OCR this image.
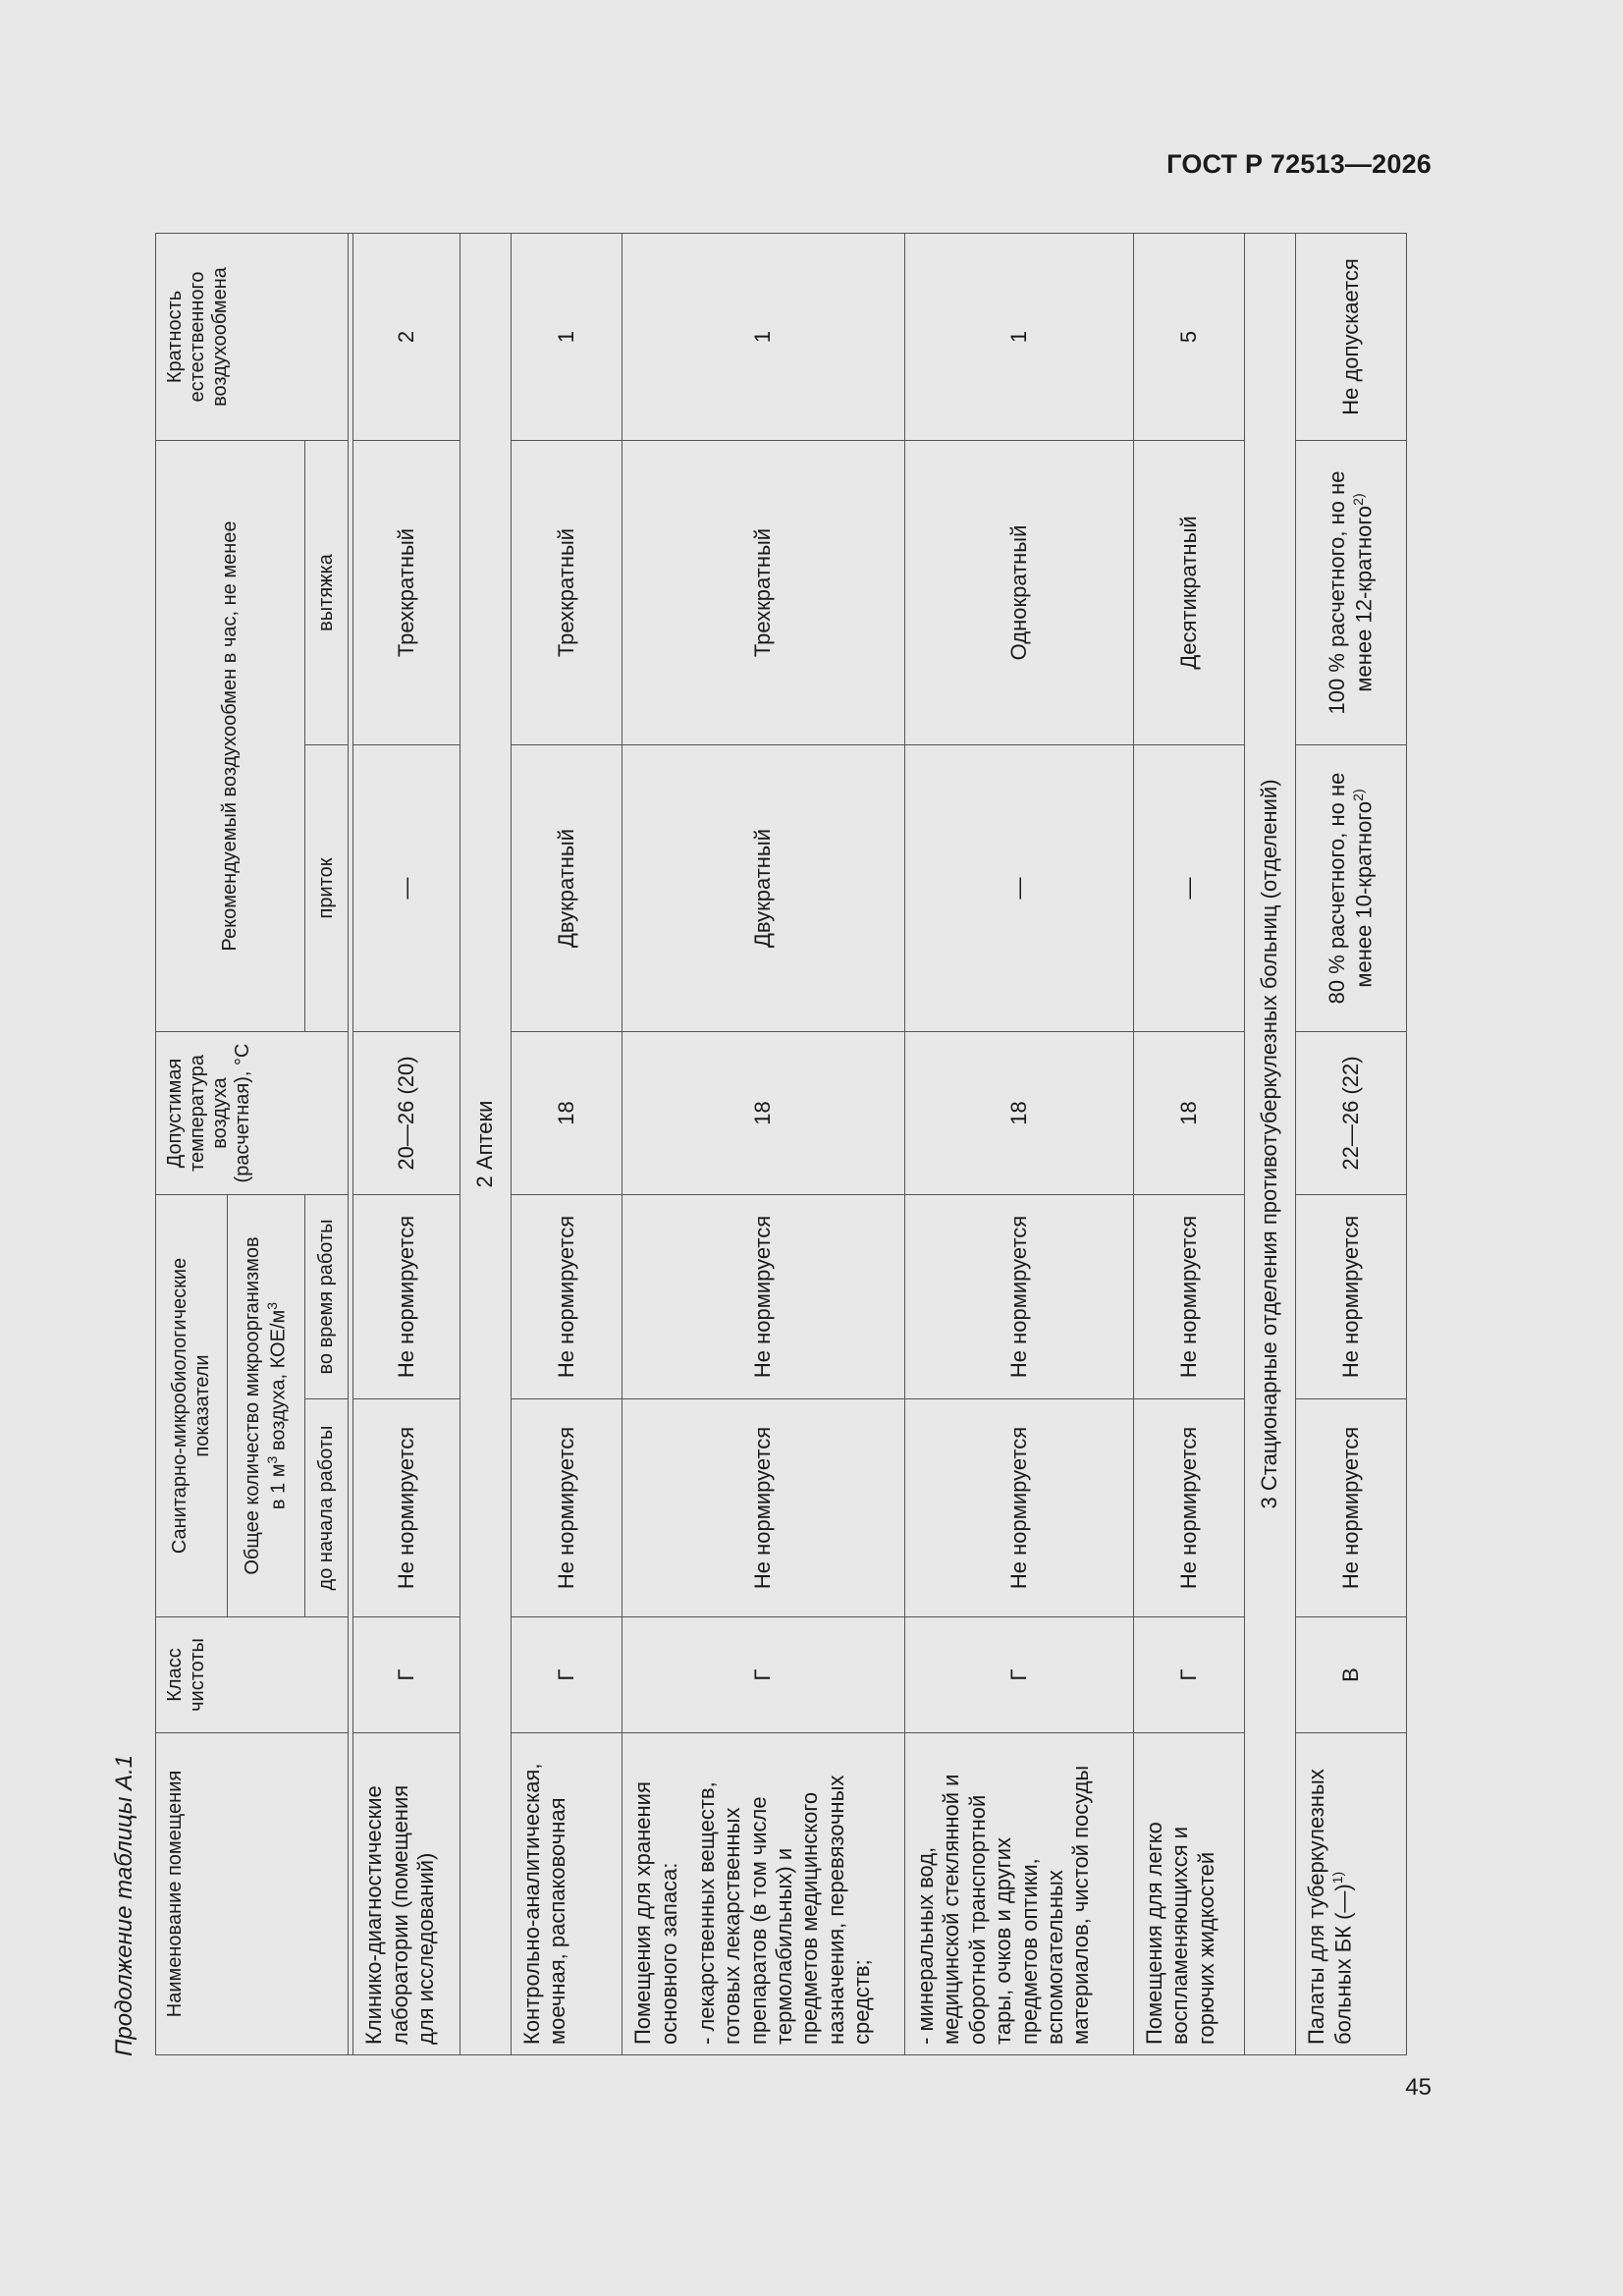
ГОСТ Р 72513—2026
45
Продолжение таблицы А.1 Наименование помещения	Класс чистоты	Санитарно-микробиологические показатели		Допустимая температура воздуха (расчетная), °С	Рекомендуемый воздухообмен в час, не менее		Кратность естественного воздухообмена
		Общее количество микроорганизмов в 1 $м^3$ воздуха, КОЕ/$м^3$
		до начала работы	во время работы		приток	вытяжка	

Клинико-диагностические лаборатории (помещения для исследований)	Г	Не нормируется	Не нормируется	20—26 (20)	—	Трехкратный	2
2 Аптеки							
Контрольно-аналитическая, моечная, распаковочная	Г	Не нормируется	Не нормируется	18	Двукратный	Трехкратный	1

Помещения для хранения основного запаса: - лекарственных веществ, готовых лекарственных препаратов (в том числе термолабильных) и предметов медицинского назначения, перевязочных средств;	Г	Не нормируется	Не нормируется	18	Двукратный	Трехкратный	1
- минеральных вод, медицинской стеклянной и оборотной транспортной тары, очков и других предметов оптики, вспомогательных материалов, чистой посуды	Г	Не нормируется	Не нормируется	18	—	Однократный	1
Помещения для легко воспламеняющихся и горючих жидкостей	Г	Не нормируется	Не нормируется	18	—	Десятикратный	5
3 Стационарные отделения противотуберкулезных больниц (отделений)							
Палаты для туберкулезных больных БК (—)$^{1)}$	В	Не нормируется	Не нормируется	22—26 (22)	80 % расчетного, но не менее 10-кратного$^{2)}$	100 % расчетного, но не менее 12-кратного$^{2)}$	Не допускается
